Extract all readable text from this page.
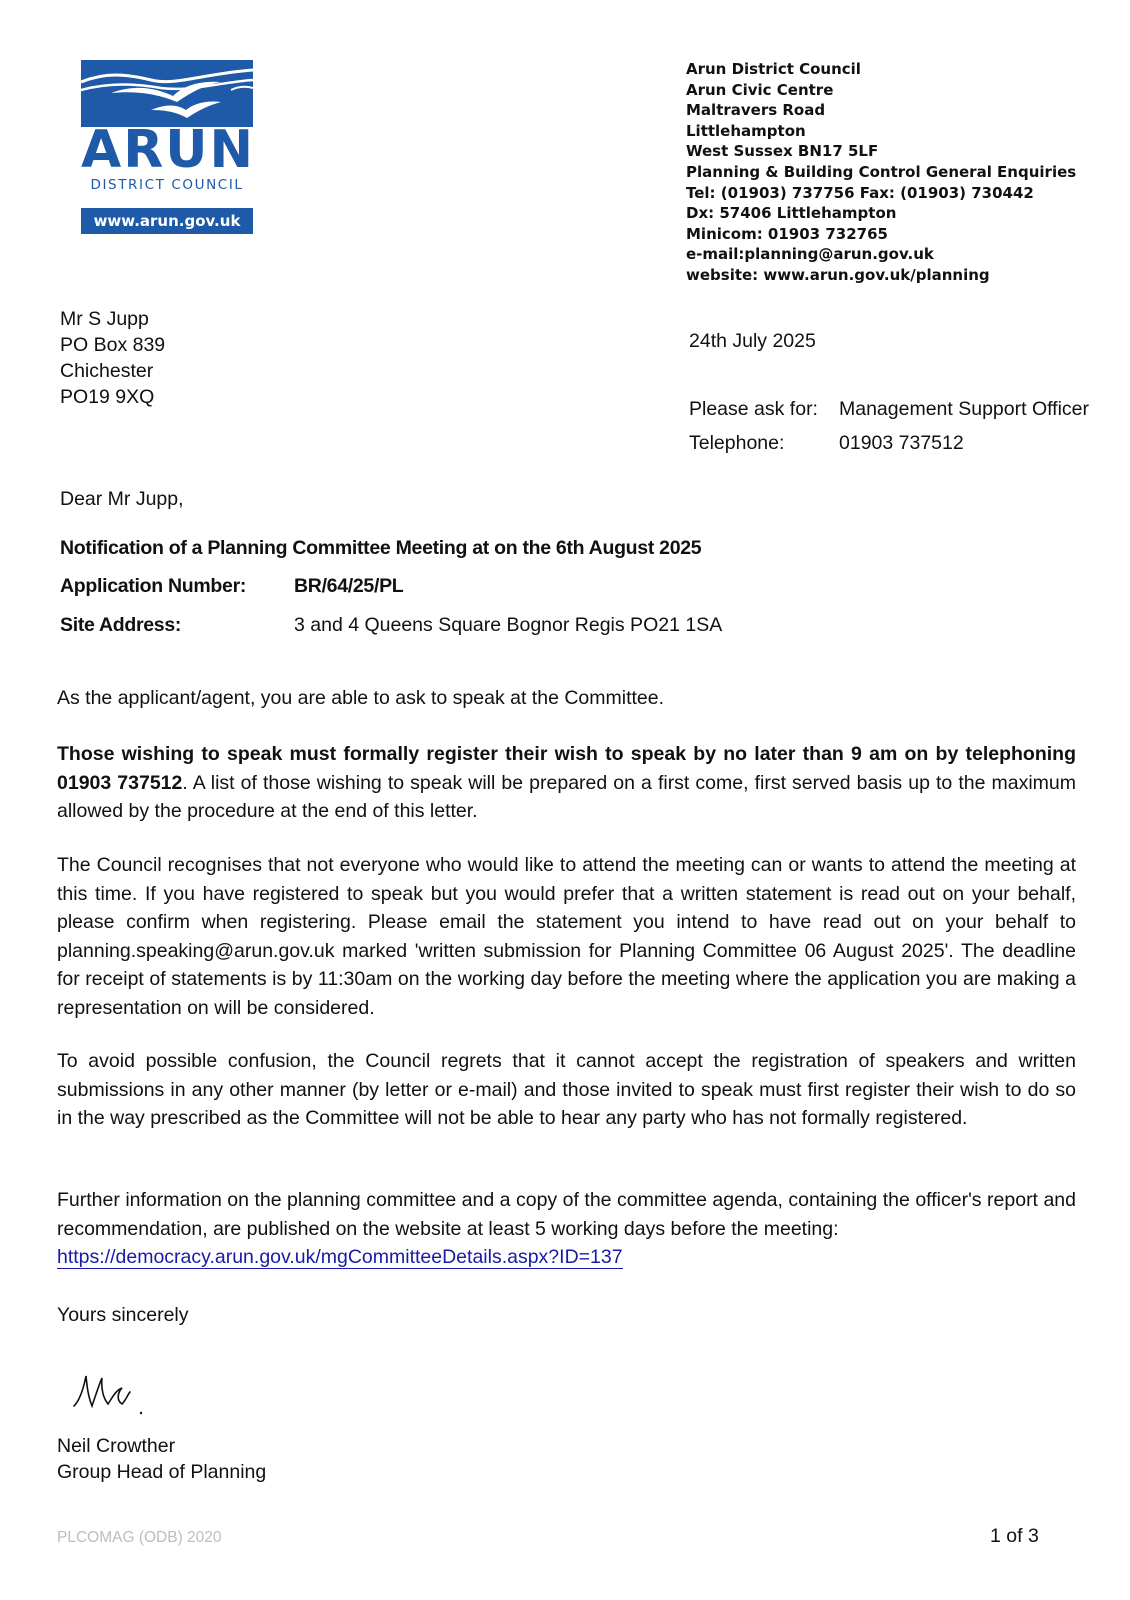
ARUN
DISTRICT COUNCIL
www.arun.gov.uk
Arun District Council
Arun Civic Centre
Maltravers Road
Littlehampton
West Sussex BN17 5LF
Planning & Building Control General Enquiries
Tel: (01903) 737756 Fax: (01903) 730442
Dx: 57406 Littlehampton
Minicom: 01903 732765
e-mail:planning@arun.gov.uk
website: www.arun.gov.uk/planning
Mr S Jupp
PO Box 839
Chichester
PO19 9XQ
24th July 2025
Please ask for:	Management Support Officer
Telephone:	01903 737512
Dear Mr Jupp,
Notification of a Planning Committee Meeting at on the 6th August 2025
Application Number:	BR/64/25/PL
Site Address:	3 and 4 Queens Square Bognor Regis PO21 1SA
As the applicant/agent, you are able to ask to speak at the Committee.
Those wishing to speak must formally register their wish to speak by no later than 9 am on by telephoning 01903 737512. A list of those wishing to speak will be prepared on a first come, first served basis up to the maximum allowed by the procedure at the end of this letter.
The Council recognises that not everyone who would like to attend the meeting can or wants to attend the meeting at this time. If you have registered to speak but you would prefer that a written statement is read out on your behalf, please confirm when registering. Please email the statement you intend to have read out on your behalf to planning.speaking@arun.gov.uk marked 'written submission for Planning Committee 06 August 2025'. The deadline for receipt of statements is by 11:30am on the working day before the meeting where the application you are making a representation on will be considered.
To avoid possible confusion, the Council regrets that it cannot accept the registration of speakers and written submissions in any other manner (by letter or e-mail) and those invited to speak must first register their wish to do so in the way prescribed as the Committee will not be able to hear any party who has not formally registered.
Further information on the planning committee and a copy of the committee agenda, containing the officer's report and recommendation, are published on the website at least 5 working days before the meeting:
https://democracy.arun.gov.uk/mgCommitteeDetails.aspx?ID=137
Yours sincerely
Neil Crowther
Group Head of Planning
PLCOMAG (ODB) 2020	1 of 3
